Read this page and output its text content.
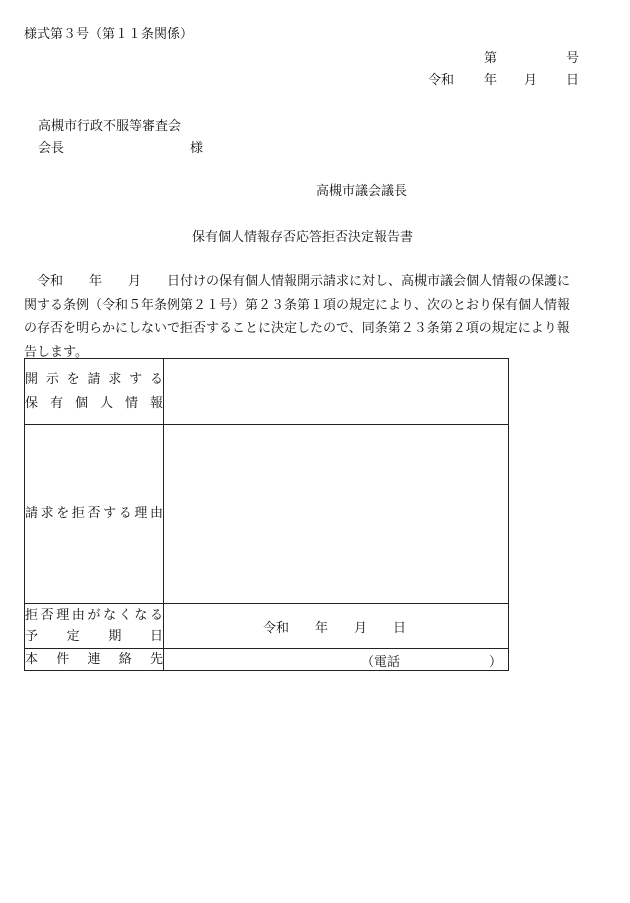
様式第３号（第１１条関係）
第	号
令和 年 月 日
高槻市行政不服等審査会
会長	様
高槻市議会議長
保有個人情報存否応答拒否決定報告書
　令和　　年　　月　　日付けの保有個人情報開示請求に対し、高槻市議会個人情報の保護に
関する条例（令和５年条例第２１号）第２３条第１項の規定により、次のとおり保有個人情報
の存否を明らかにしないで拒否することに決定したので、同条第２３条第２項の規定により報
告します。
開示を請求する
保有個人情報	

請求を拒否する理由	

拒否理由がなくなる
予定期日	令和　　年　　月　　日

本件連絡先	（電話 ）
